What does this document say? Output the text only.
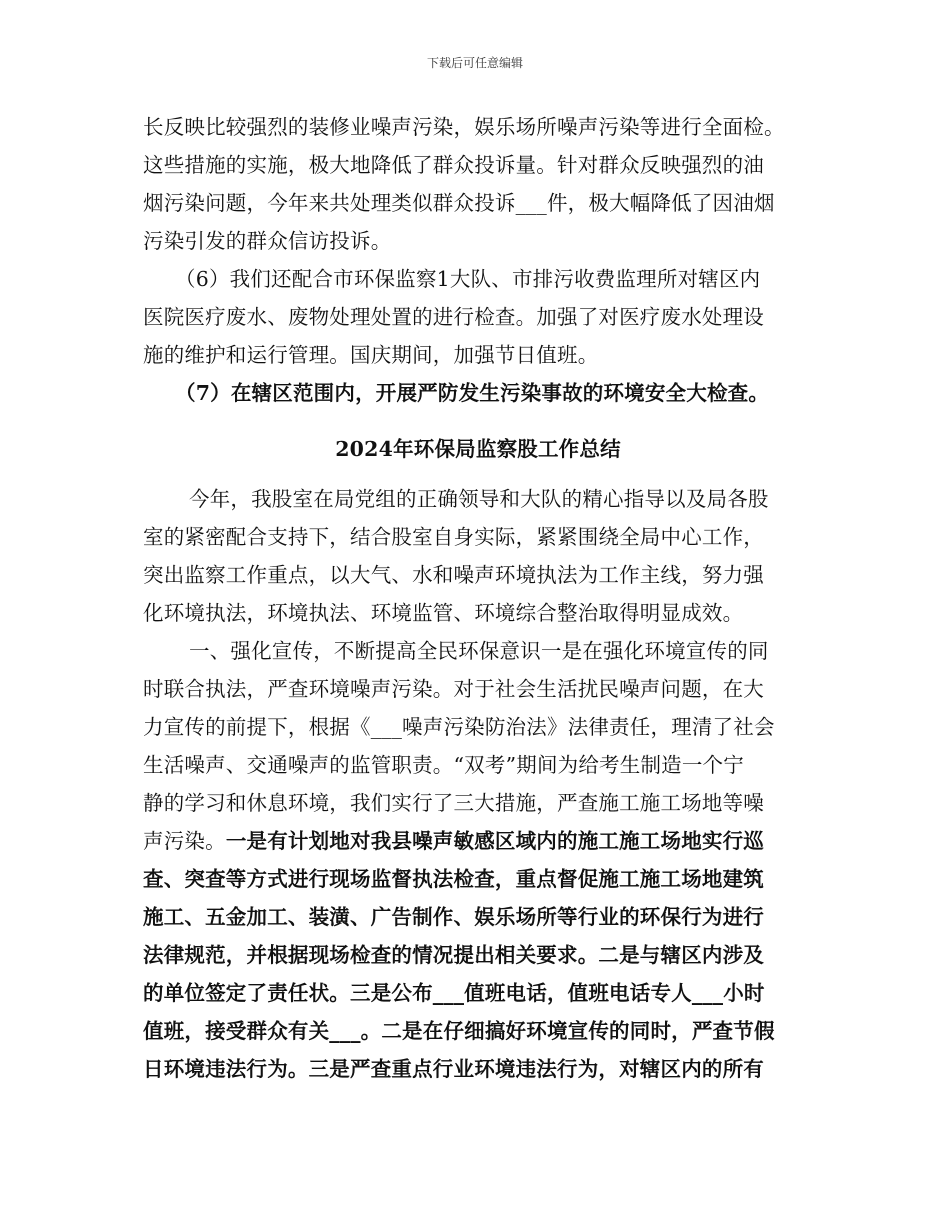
下载后可任意编辑
长反映比较强烈的装修业噪声污染，娱乐场所噪声污染等进行全面检。
这些措施的实施，极大地降低了群众投诉量。针对群众反映强烈的油
烟污染问题，今年来共处理类似群众投诉___件，极大幅降低了因油烟
污染引发的群众信访投诉。
（6）我们还配合市环保监察1大队、市排污收费监理所对辖区内
医院医疗废水、废物处理处置的进行检查。加强了对医疗废水处理设
施的维护和运行管理。国庆期间，加强节日值班。
（7）在辖区范围内，开展严防发生污染事故的环境安全大检查。
2024年环保局监察股工作总结
今年，我股室在局党组的正确领导和大队的精心指导以及局各股
室的紧密配合支持下，结合股室自身实际，紧紧围绕全局中心工作，
突出监察工作重点，以大气、水和噪声环境执法为工作主线，努力强
化环境执法，环境执法、环境监管、环境综合整治取得明显成效。
一、强化宣传，不断提高全民环保意识一是在强化环境宣传的同
时联合执法，严查环境噪声污染。对于社会生活扰民噪声问题，在大
力宣传的前提下，根据《___噪声污染防治法》法律责任，理清了社会
生活噪声、交通噪声的监管职责。“双考”期间为给考生制造一个宁
静的学习和休息环境，我们实行了三大措施，严查施工施工场地等噪
声污染。一是有计划地对我县噪声敏感区域内的施工施工场地实行巡
查、突查等方式进行现场监督执法检查，重点督促施工施工场地建筑
施工、五金加工、装潢、广告制作、娱乐场所等行业的环保行为进行
法律规范，并根据现场检查的情况提出相关要求。二是与辖区内涉及
的单位签定了责任状。三是公布___值班电话，值班电话专人___小时
值班，接受群众有关___。二是在仔细搞好环境宣传的同时，严查节假
日环境违法行为。三是严查重点行业环境违法行为，对辖区内的所有
